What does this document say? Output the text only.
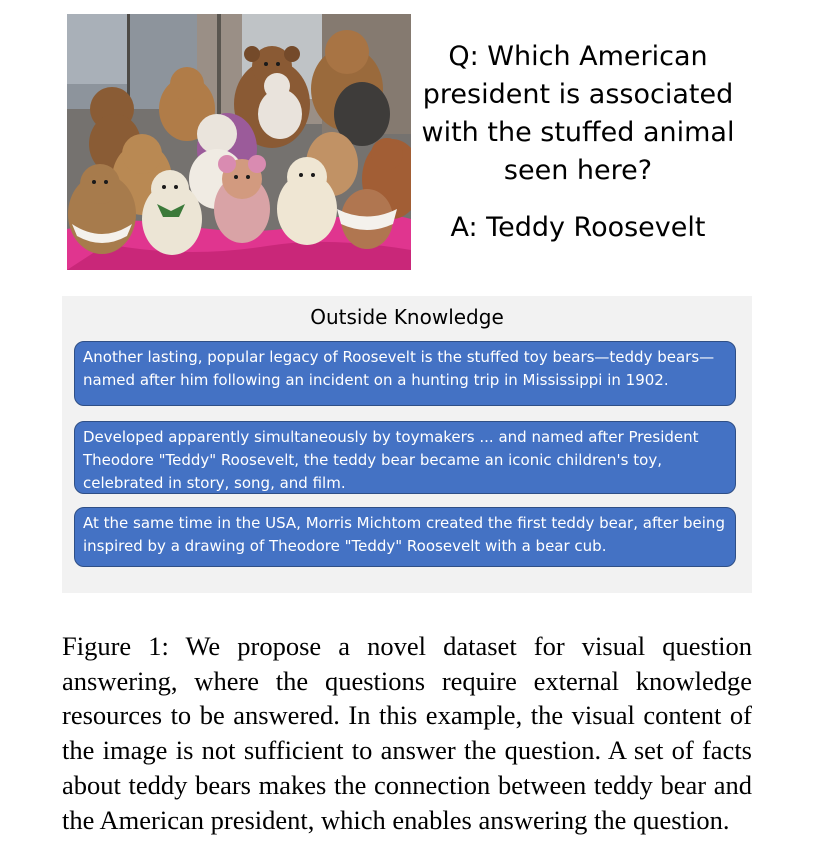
Q: Which American president is associated with the stuffed animal seen here?

A: Teddy Roosevelt

Outside Knowledge
Another lasting, popular legacy of Roosevelt is the stuffed toy bears—teddy bears—named after him following an incident on a hunting trip in Mississippi in 1902.
Developed apparently simultaneously by toymakers ... and named after President Theodore "Teddy" Roosevelt, the teddy bear became an iconic children's toy, celebrated in story, song, and film.
At the same time in the USA, Morris Michtom created the first teddy bear, after being inspired by a drawing of Theodore "Teddy" Roosevelt with a bear cub.

Figure 1: We propose a novel dataset for visual question answering, where the questions require external knowledge resources to be answered. In this example, the visual content of the image is not sufficient to answer the question. A set of facts about teddy bears makes the connection between teddy bear and the American president, which enables answering the question.
